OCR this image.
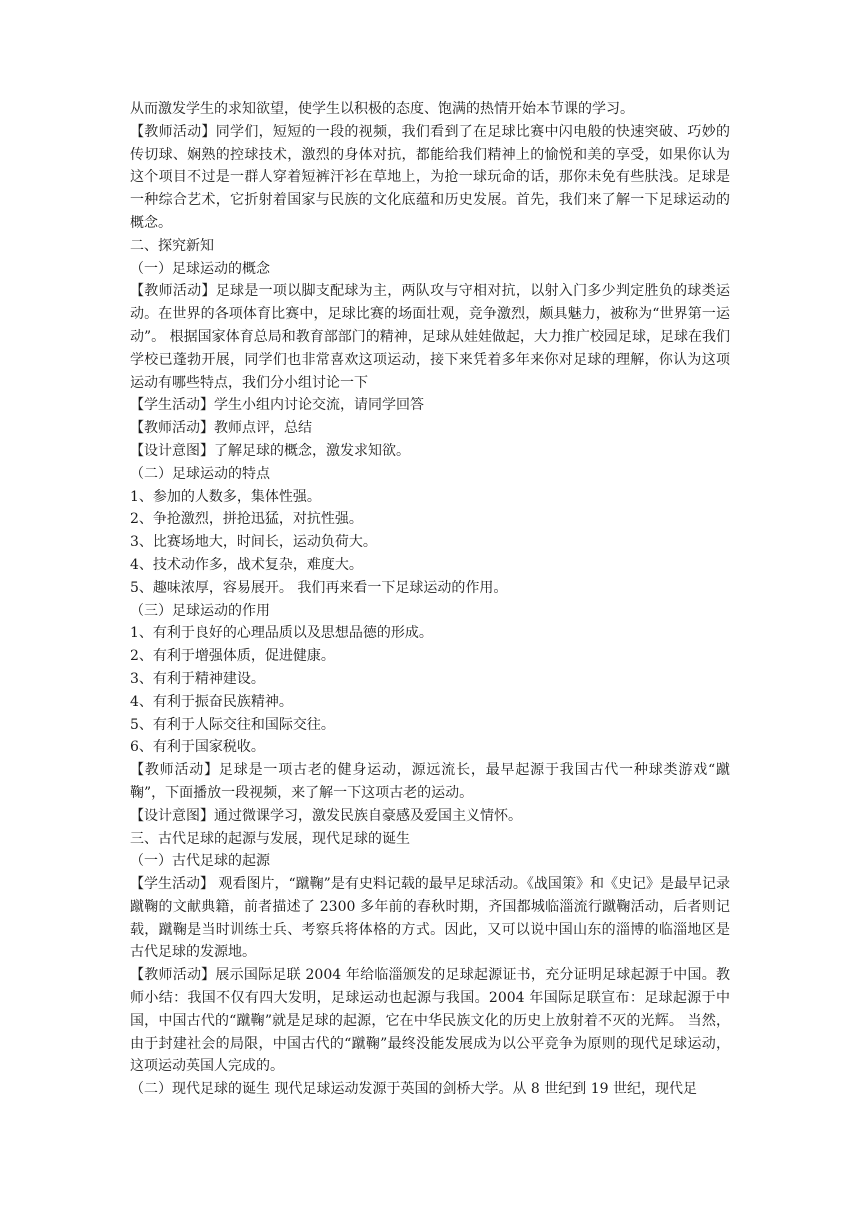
从而激发学生的求知欲望，使学生以积极的态度、饱满的热情开始本节课的学习。

【教师活动】同学们，短短的一段的视频，我们看到了在足球比赛中闪电般的快速突破、巧妙的传切球、娴熟的控球技术，激烈的身体对抗，都能给我们精神上的愉悦和美的享受，如果你认为这个项目不过是一群人穿着短裤汗衫在草地上，为抢一球玩命的话，那你未免有些肤浅。足球是一种综合艺术，它折射着国家与民族的文化底蕴和历史发展。首先，我们来了解一下足球运动的概念。

二、探究新知

（一）足球运动的概念

【教师活动】足球是一项以脚支配球为主，两队攻与守相对抗，以射入门多少判定胜负的球类运动。在世界的各项体育比赛中，足球比赛的场面壮观，竞争激烈，颇具魅力，被称为“世界第一运动”。 根据国家体育总局和教育部部门的精神，足球从娃娃做起，大力推广校园足球，足球在我们学校已蓬勃开展，同学们也非常喜欢这项运动，接下来凭着多年来你对足球的理解，你认为这项运动有哪些特点，我们分小组讨论一下

【学生活动】学生小组内讨论交流，请同学回答

【教师活动】教师点评，总结

【设计意图】了解足球的概念，激发求知欲。

（二）足球运动的特点

1、参加的人数多，集体性强。

2、争抢激烈，拼抢迅猛，对抗性强。

3、比赛场地大，时间长，运动负荷大。

4、技术动作多，战术复杂，难度大。

5、趣味浓厚，容易展开。 我们再来看一下足球运动的作用。

（三）足球运动的作用

1、有利于良好的心理品质以及思想品德的形成。

2、有利于增强体质，促进健康。

3、有利于精神建设。

4、有利于振奋民族精神。

5、有利于人际交往和国际交往。

6、有利于国家税收。

【教师活动】足球是一项古老的健身运动，源远流长，最早起源于我国古代一种球类游戏“蹴鞠”，下面播放一段视频，来了解一下这项古老的运动。

【设计意图】通过微课学习，激发民族自豪感及爱国主义情怀。

三、古代足球的起源与发展，现代足球的诞生

（一）古代足球的起源

【学生活动】 观看图片，“蹴鞠”是有史料记载的最早足球活动。《战国策》和《史记》是最早记录蹴鞠的文献典籍，前者描述了 2300 多年前的春秋时期，齐国都城临淄流行蹴鞠活动，后者则记载，蹴鞠是当时训练士兵、考察兵将体格的方式。因此，又可以说中国山东的淄博的临淄地区是古代足球的发源地。

【教师活动】展示国际足联 2004 年给临淄颁发的足球起源证书，充分证明足球起源于中国。教师小结：我国不仅有四大发明，足球运动也起源与我国。2004 年国际足联宣布：足球起源于中国，中国古代的“蹴鞠”就是足球的起源，它在中华民族文化的历史上放射着不灭的光辉。 当然，由于封建社会的局限，中国古代的“蹴鞠”最终没能发展成为以公平竞争为原则的现代足球运动，这项运动英国人完成的。

（二）现代足球的诞生 现代足球运动发源于英国的剑桥大学。从 8 世纪到 19 世纪，现代足
